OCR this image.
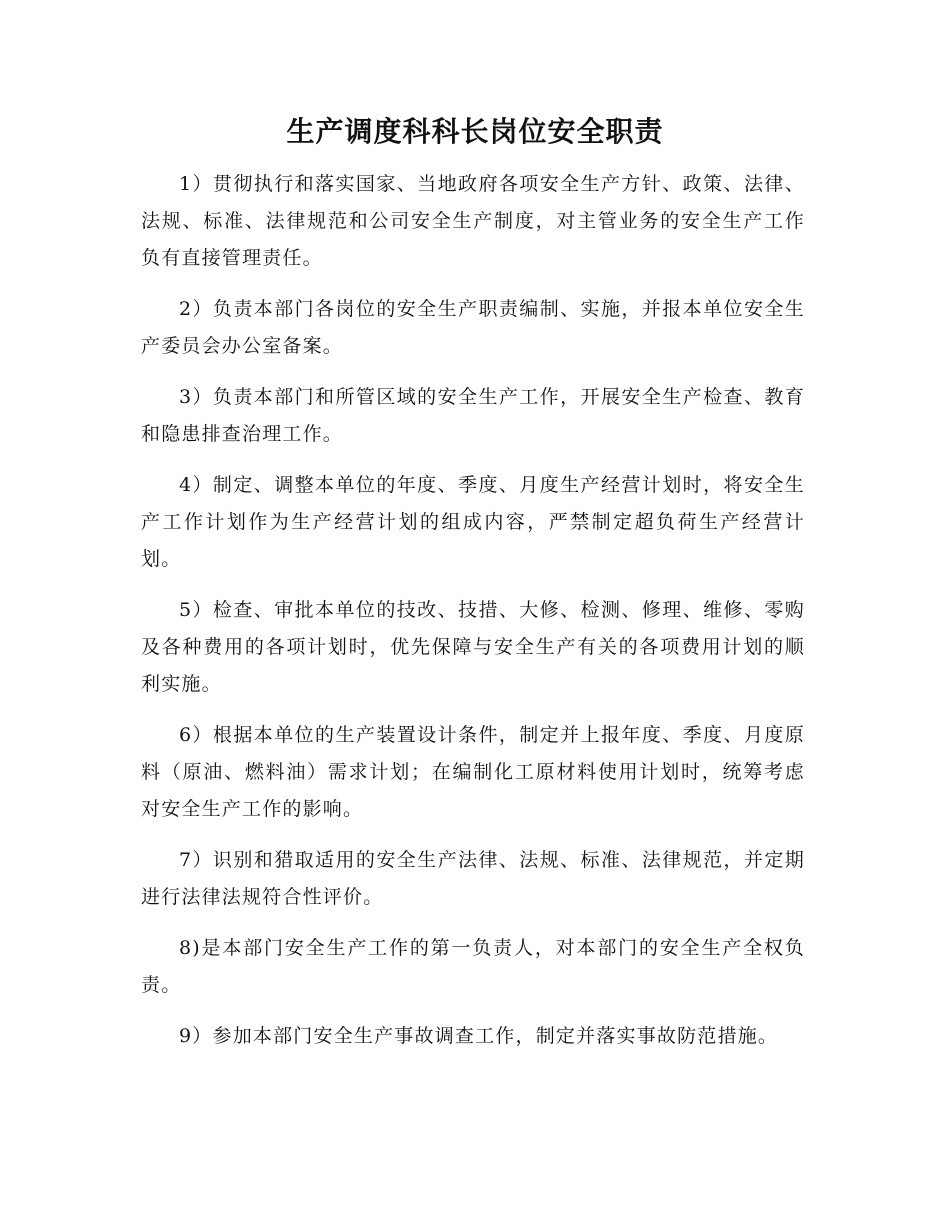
生产调度科科长岗位安全职责

1）贯彻执行和落实国家、当地政府各项安全生产方针、政策、法律、法规、标准、法律规范和公司安全生产制度，对主管业务的安全生产工作负有直接管理责任。

2）负责本部门各岗位的安全生产职责编制、实施，并报本单位安全生产委员会办公室备案。

3）负责本部门和所管区域的安全生产工作，开展安全生产检查、教育和隐患排查治理工作。

4）制定、调整本单位的年度、季度、月度生产经营计划时，将安全生产工作计划作为生产经营计划的组成内容，严禁制定超负荷生产经营计划。

5）检查、审批本单位的技改、技措、大修、检测、修理、维修、零购及各种费用的各项计划时，优先保障与安全生产有关的各项费用计划的顺利实施。

6）根据本单位的生产装置设计条件，制定并上报年度、季度、月度原料（原油、燃料油）需求计划；在编制化工原材料使用计划时，统筹考虑对安全生产工作的影响。

7）识别和猎取适用的安全生产法律、法规、标准、法律规范，并定期进行法律法规符合性评价。

8)是本部门安全生产工作的第一负责人，对本部门的安全生产全权负责。

9）参加本部门安全生产事故调查工作，制定并落实事故防范措施。
